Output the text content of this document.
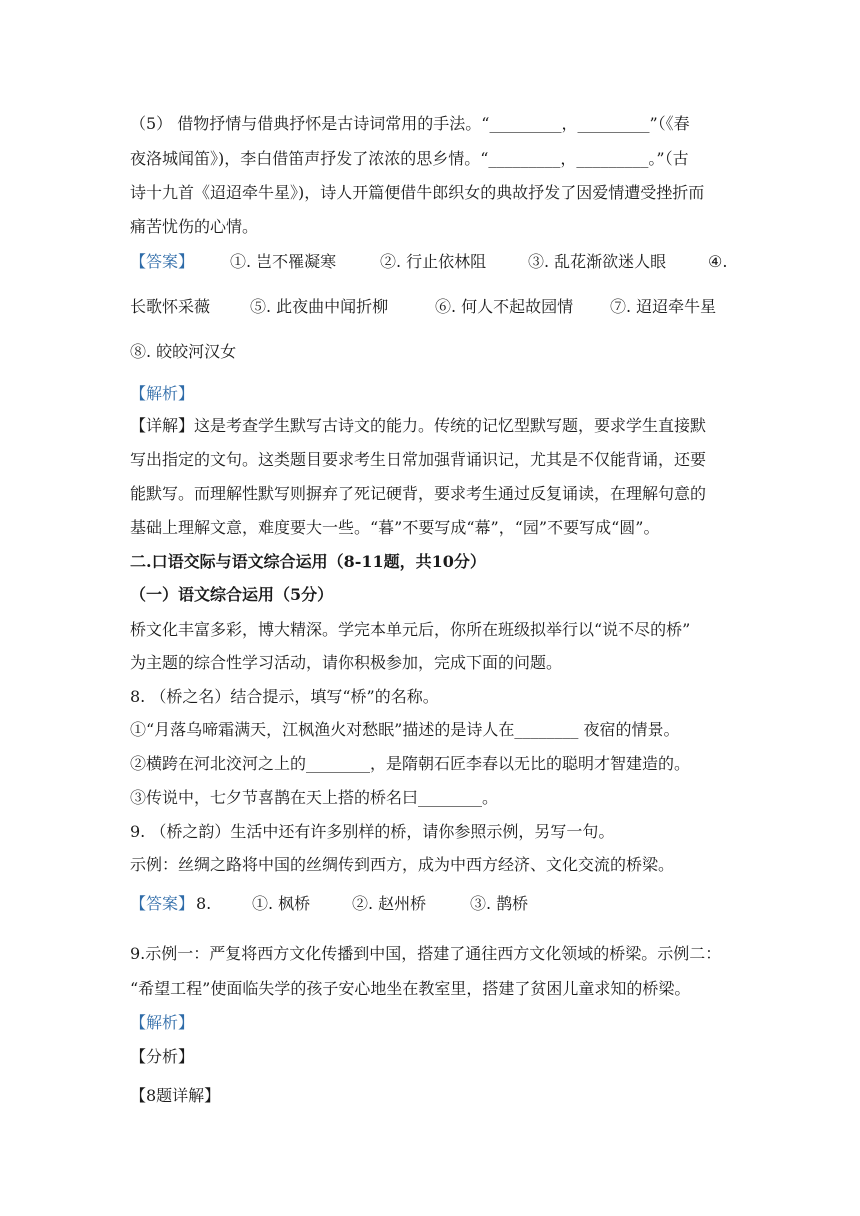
（5） 借物抒情与借典抒怀是古诗词常用的手法。“_________，_________”（《春
夜洛城闻笛》)，李白借笛声抒发了浓浓的思乡情。“_________，_________。”（古
诗十九首《迢迢牵牛星》)，诗人开篇便借牛郎织女的典故抒发了因爱情遭受挫折而
痛苦忧伤的心情。
【答案】 ①. 岂不罹凝寒	②. 行止依林阻	③. 乱花渐欲迷人眼	④.
长歌怀采薇 ⑤. 此夜曲中闻折柳	⑥. 何人不起故园情 ⑦. 迢迢牵牛星
⑧. 皎皎河汉女
【解析】
【详解】这是考查学生默写古诗文的能力。传统的记忆型默写题，要求学生直接默
写出指定的文句。这类题目要求考生日常加强背诵识记，尤其是不仅能背诵，还要
能默写。而理解性默写则摒弃了死记硬背，要求考生通过反复诵读，在理解句意的
基础上理解文意，难度要大一些。“暮”不要写成“幕”，“园”不要写成“圆”。
二.口语交际与语文综合运用（8-11题，共10分）
（一）语文综合运用（5分）
桥文化丰富多彩，博大精深。学完本单元后，你所在班级拟举行以“说不尽的桥”
为主题的综合性学习活动，请你积极参加，完成下面的问题。
8. （桥之名）结合提示，填写“桥”的名称。
①“月落乌啼霜满天，江枫渔火对愁眠”描述的是诗人在________ 夜宿的情景。
②横跨在河北洨河之上的________，是隋朝石匠李春以无比的聪明才智建造的。
③传说中，七夕节喜鹊在天上搭的桥名曰________。
9. （桥之韵）生活中还有许多别样的桥，请你参照示例，另写一句。
示例：丝绸之路将中国的丝绸传到西方，成为中西方经济、文化交流的桥梁。
【答案】 8.	①. 枫桥	②. 赵州桥	③. 鹊桥
9.示例一：严复将西方文化传播到中国，搭建了通往西方文化领域的桥梁。示例二：
“希望工程”使面临失学的孩子安心地坐在教室里，搭建了贫困儿童求知的桥梁。
【解析】
【分析】
【8题详解】
